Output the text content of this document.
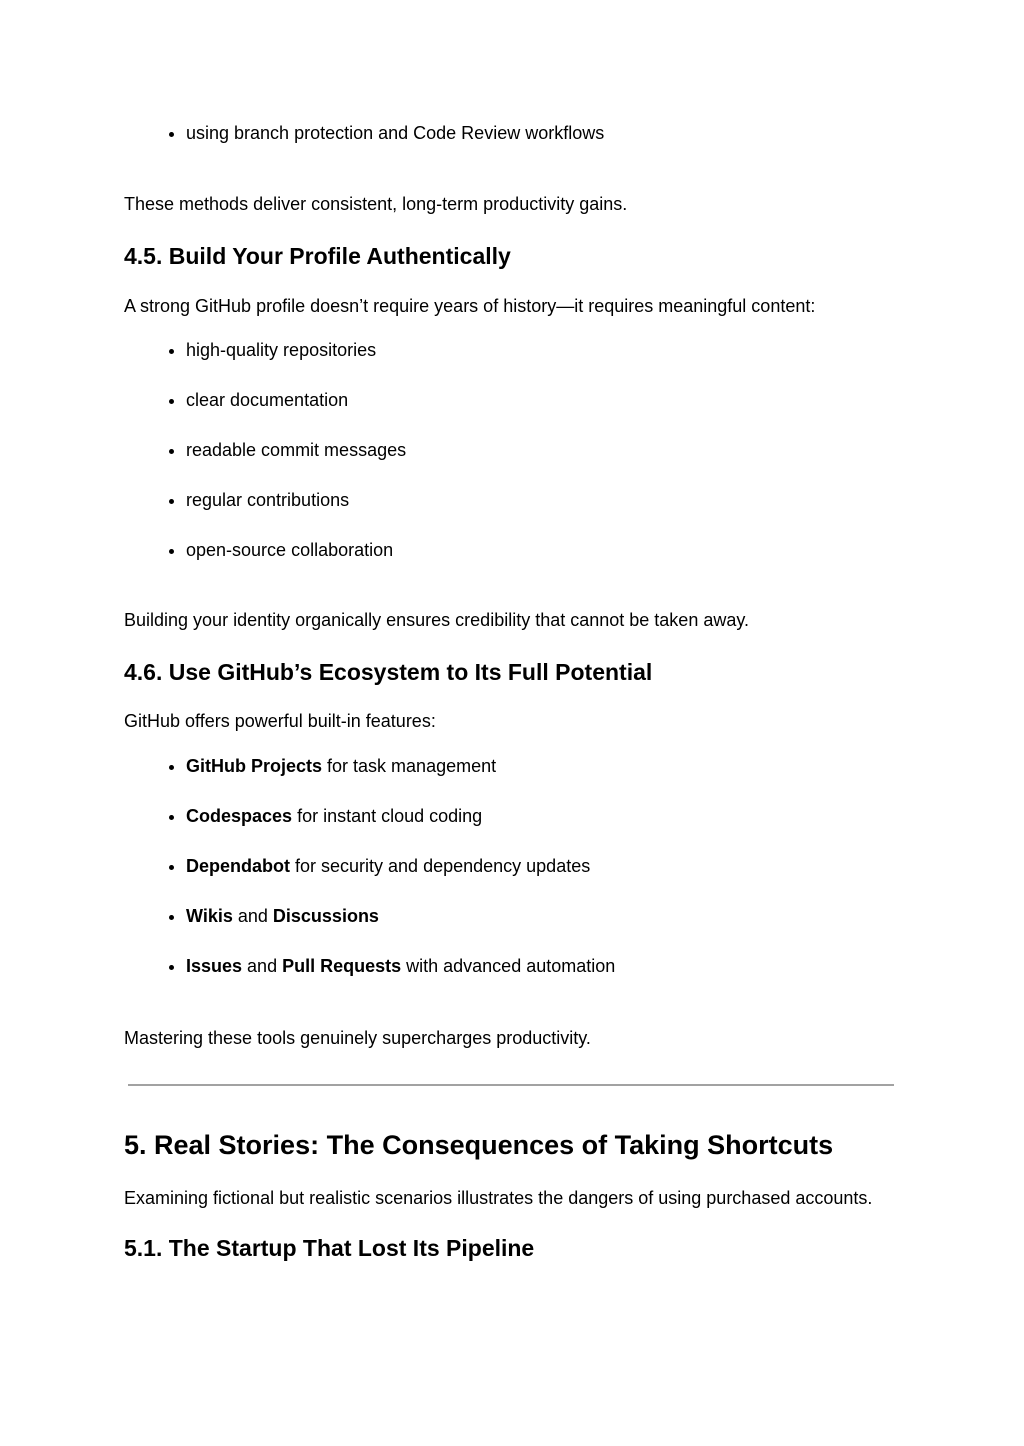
• using branch protection and Code Review workflows

These methods deliver consistent, long-term productivity gains.

4.5. Build Your Profile Authentically

A strong GitHub profile doesn’t require years of history—it requires meaningful content:

• high-quality repositories
• clear documentation
• readable commit messages
• regular contributions
• open-source collaboration

Building your identity organically ensures credibility that cannot be taken away.

4.6. Use GitHub’s Ecosystem to Its Full Potential

GitHub offers powerful built-in features:

• GitHub Projects for task management
• Codespaces for instant cloud coding
• Dependabot for security and dependency updates
• Wikis and Discussions
• Issues and Pull Requests with advanced automation

Mastering these tools genuinely supercharges productivity.

5. Real Stories: The Consequences of Taking Shortcuts

Examining fictional but realistic scenarios illustrates the dangers of using purchased accounts.

5.1. The Startup That Lost Its Pipeline
